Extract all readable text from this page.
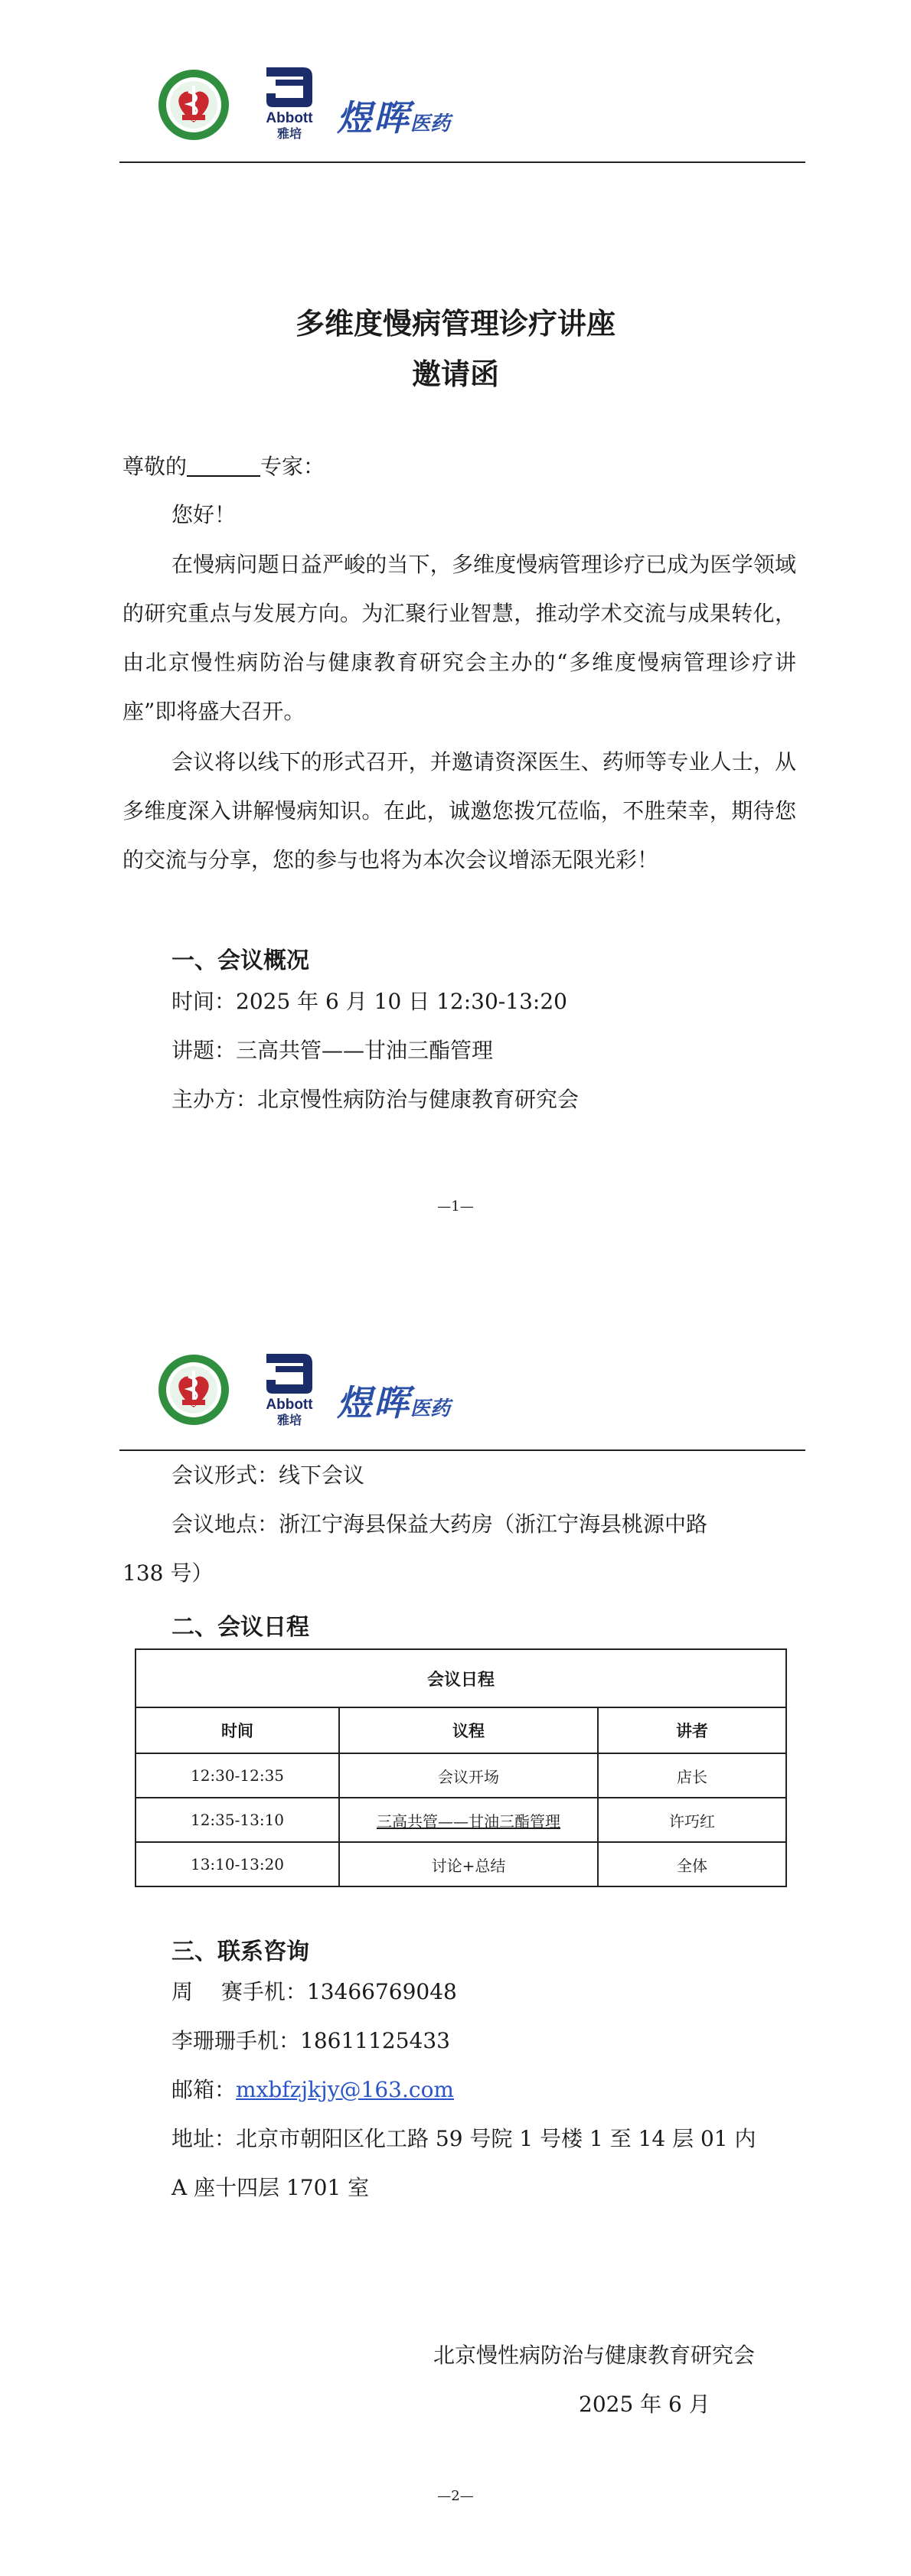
Abbott
雅培	煜晖医药
多维度慢病管理诊疗讲座
邀请函
尊敬的	专家：
您好！
在慢病问题日益严峻的当下，多维度慢病管理诊疗已成为医学领域的研究重点与发展方向。为汇聚行业智慧，推动学术交流与成果转化，由北京慢性病防治与健康教育研究会主办的“多维度慢病管理诊疗讲座”即将盛大召开。
会议将以线下的形式召开，并邀请资深医生、药师等专业人士，从多维度深入讲解慢病知识。在此，诚邀您拨冗莅临，不胜荣幸，期待您的交流与分享，您的参与也将为本次会议增添无限光彩！
一、会议概况
时间：2025 年 6 月 10 日 12:30-13:20
讲题：三高共管——甘油三酯管理
主办方：北京慢性病防治与健康教育研究会
—1—
Abbott
雅培	煜晖医药
会议形式：线下会议
会议地点：浙江宁海县保益大药房（浙江宁海县桃源中路
138 号）
二、会议日程
会议日程		
时间	议程	讲者
12:30-12:35	会议开场	店长
12:35-13:10	三高共管——甘油三酯管理	许巧红
13:10-13:20	讨论+总结	全体
三、联系咨询
周　 赛手机：13466769048
李珊珊手机：18611125433
邮箱：mxbfzjkjy@163.com
地址：北京市朝阳区化工路 59 号院 1 号楼 1 至 14 层 01 内
A 座十四层 1701 室
北京慢性病防治与健康教育研究会
2025 年 6 月
—2—
